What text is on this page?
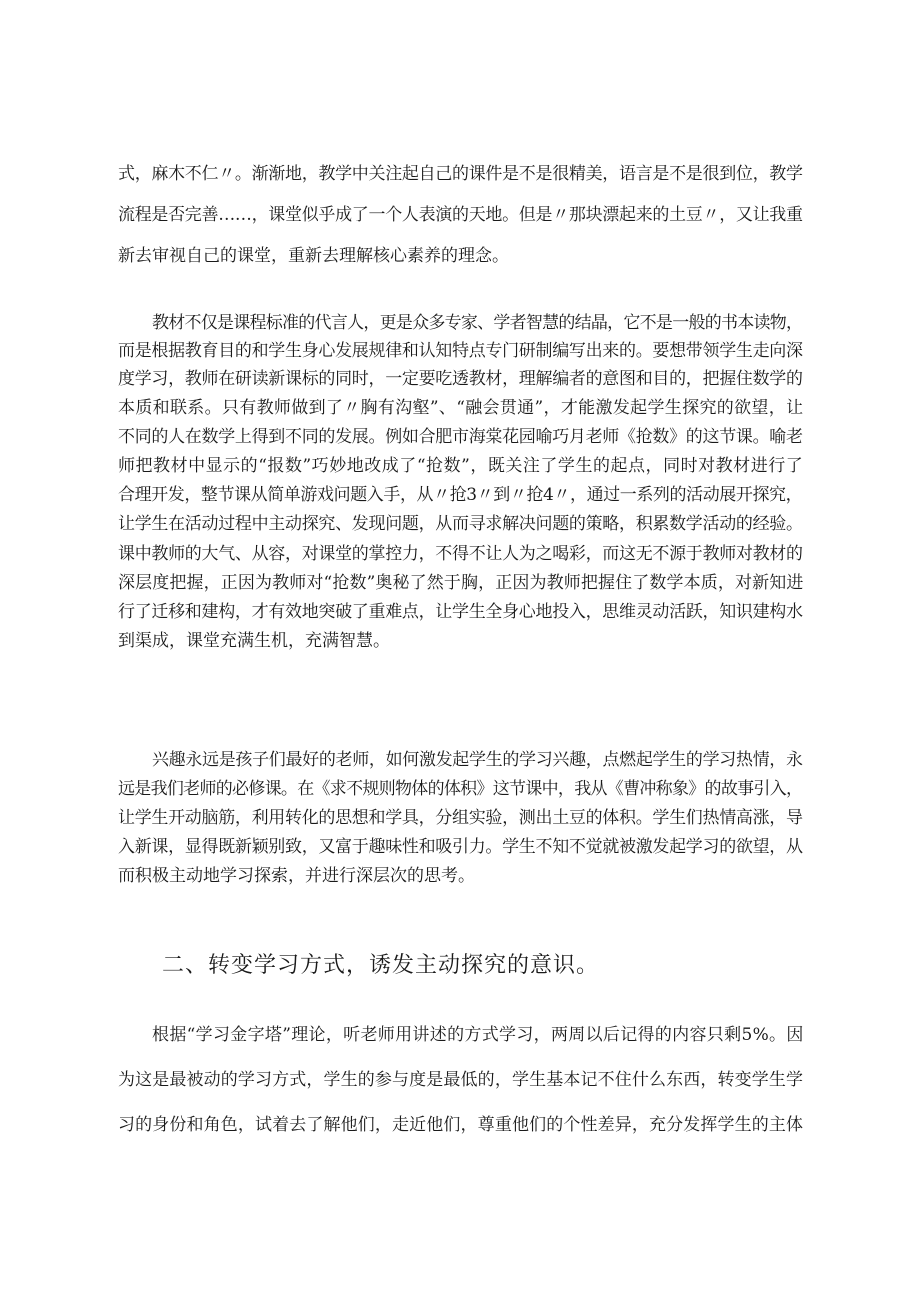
式，麻木不仁〃。渐渐地，教学中关注起自己的课件是不是很精美，语言是不是很到位，教学

流程是否完善……，课堂似乎成了一个人表演的天地。但是〃那块漂起来的土豆〃，又让我重

新去审视自己的课堂，重新去理解核心素养的理念。

教材不仅是课程标准的代言人，更是众多专家、学者智慧的结晶，它不是一般的书本读物，

而是根据教育目的和学生身心发展规律和认知特点专门研制编写出来的。要想带领学生走向深

度学习，教师在研读新课标的同时，一定要吃透教材，理解编者的意图和目的，把握住数学的

本质和联系。只有教师做到了〃胸有沟壑”、“融会贯通”，才能激发起学生探究的欲望，让

不同的人在数学上得到不同的发展。例如合肥市海棠花园喻巧月老师《抢数》的这节课。喻老

师把教材中显示的“报数”巧妙地改成了“抢数”，既关注了学生的起点，同时对教材进行了

合理开发，整节课从简单游戏问题入手，从〃抢3〃到〃抢4〃，通过一系列的活动展开探究，

让学生在活动过程中主动探究、发现问题，从而寻求解决问题的策略，积累数学活动的经验。

课中教师的大气、从容，对课堂的掌控力，不得不让人为之喝彩，而这无不源于教师对教材的

深层度把握，正因为教师对“抢数”奥秘了然于胸，正因为教师把握住了数学本质，对新知进

行了迁移和建构，才有效地突破了重难点，让学生全身心地投入，思维灵动活跃，知识建构水

到渠成，课堂充满生机，充满智慧。

兴趣永远是孩子们最好的老师，如何激发起学生的学习兴趣，点燃起学生的学习热情，永

远是我们老师的必修课。在《求不规则物体的体积》这节课中，我从《曹冲称象》的故事引入，

让学生开动脑筋，利用转化的思想和学具，分组实验，测出土豆的体积。学生们热情高涨，导

入新课，显得既新颖别致，又富于趣味性和吸引力。学生不知不觉就被激发起学习的欲望，从

而积极主动地学习探索，并进行深层次的思考。

二、转变学习方式，诱发主动探究的意识。

根据“学习金字塔”理论，听老师用讲述的方式学习，两周以后记得的内容只剩5%。因

为这是最被动的学习方式，学生的参与度是最低的，学生基本记不住什么东西，转变学生学

习的身份和角色，试着去了解他们，走近他们，尊重他们的个性差异，充分发挥学生的主体
